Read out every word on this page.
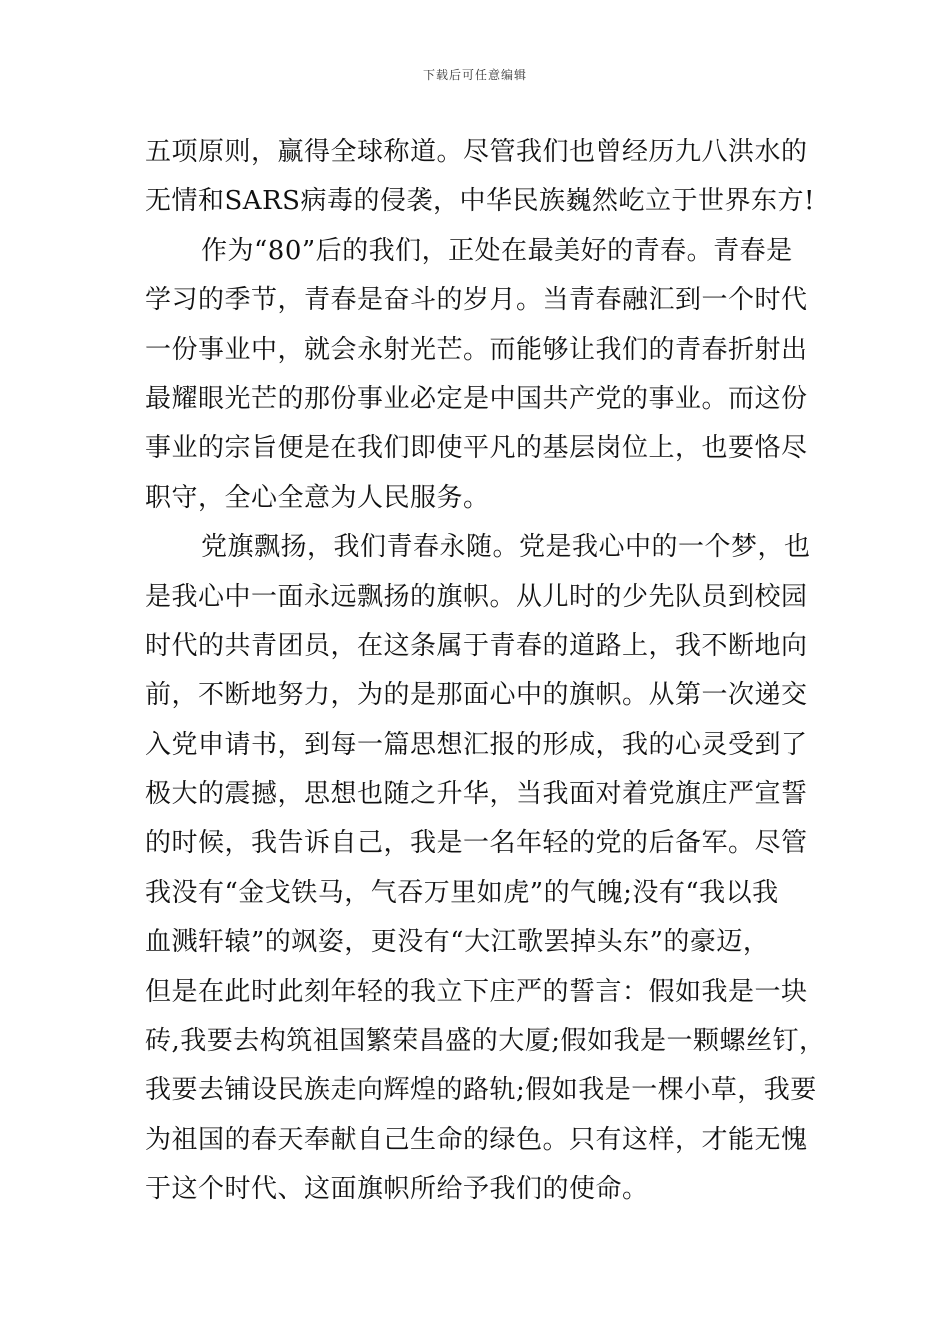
下载后可任意编辑
五项原则，赢得全球称道。尽管我们也曾经历九八洪水的
无情和SARS病毒的侵袭，中华民族巍然屹立于世界东方!
作为“80”后的我们，正处在最美好的青春。青春是
学习的季节，青春是奋斗的岁月。当青春融汇到一个时代
一份事业中，就会永射光芒。而能够让我们的青春折射出
最耀眼光芒的那份事业必定是中国共产党的事业。而这份
事业的宗旨便是在我们即使平凡的基层岗位上，也要恪尽
职守，全心全意为人民服务。
党旗飘扬，我们青春永随。党是我心中的一个梦，也
是我心中一面永远飘扬的旗帜。从儿时的少先队员到校园
时代的共青团员，在这条属于青春的道路上，我不断地向
前，不断地努力，为的是那面心中的旗帜。从第一次递交
入党申请书，到每一篇思想汇报的形成，我的心灵受到了
极大的震撼，思想也随之升华，当我面对着党旗庄严宣誓
的时候，我告诉自己，我是一名年轻的党的后备军。尽管
我没有“金戈铁马，气吞万里如虎”的气魄;没有“我以我
血溅轩辕”的飒姿，更没有“大江歌罢掉头东”的豪迈，
但是在此时此刻年轻的我立下庄严的誓言：假如我是一块
砖,我要去构筑祖国繁荣昌盛的大厦;假如我是一颗螺丝钉，
我要去铺设民族走向辉煌的路轨;假如我是一棵小草，我要
为祖国的春天奉献自己生命的绿色。只有这样，才能无愧
于这个时代、这面旗帜所给予我们的使命。
